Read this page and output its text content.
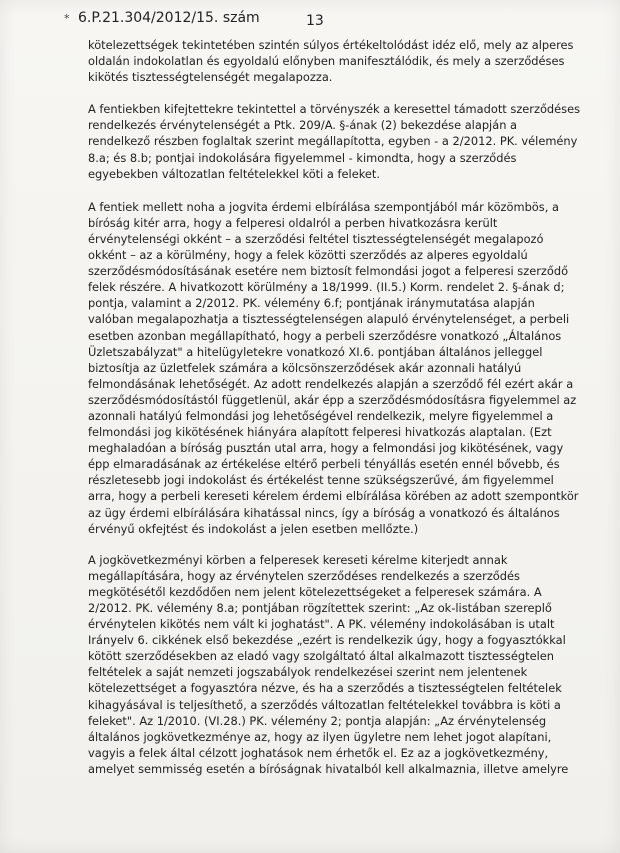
* 6.P.21.304/2012/15. szám	13

kötelezettségek tekintetében szintén súlyos értékeltolódást idéz elő, mely az alperes
oldalán indokolatlan és egyoldalú előnyben manifesztálódik, és mely a szerződéses
kikötés tisztességtelenségét megalapozza.

A fentiekben kifejtettekre tekintettel a törvényszék a keresettel támadott szerződéses
rendelkezés érvénytelenségét a Ptk. 209/A. §-ának (2) bekezdése alapján a
rendelkező részben foglaltak szerint megállapította, egyben - a 2/2012. PK. vélemény
8.a; és 8.b; pontjai indokolására figyelemmel - kimondta, hogy a szerződés
egyebekben változatlan feltételekkel köti a feleket.

A fentiek mellett noha a jogvita érdemi elbírálása szempontjából már közömbös, a
bíróság kitér arra, hogy a felperesi oldalról a perben hivatkozásra került
érvénytelenségi okként – a szerződési feltétel tisztességtelenségét megalapozó
okként – az a körülmény, hogy a felek közötti szerződés az alperes egyoldalú
szerződésmódosításának esetére nem biztosít felmondási jogot a felperesi szerződő
felek részére. A hivatkozott körülmény a 18/1999. (II.5.) Korm. rendelet 2. §-ának d;
pontja, valamint a 2/2012. PK. vélemény 6.f; pontjának iránymutatása alapján
valóban megalapozhatja a tisztességtelenségen alapuló érvénytelenséget, a perbeli
esetben azonban megállapítható, hogy a perbeli szerződésre vonatkozó „Általános
Üzletszabályzat" a hitelügyletekre vonatkozó XI.6. pontjában általános jelleggel
biztosítja az üzletfelek számára a kölcsönszerződések akár azonnali hatályú
felmondásának lehetőségét. Az adott rendelkezés alapján a szerződő fél ezért akár a
szerződésmódosítástól függetlenül, akár épp a szerződésmódosításra figyelemmel az
azonnali hatályú felmondási jog lehetőségével rendelkezik, melyre figyelemmel a
felmondási jog kikötésének hiányára alapított felperesi hivatkozás alaptalan. (Ezt
meghaladóan a bíróság pusztán utal arra, hogy a felmondási jog kikötésének, vagy
épp elmaradásának az értékelése eltérő perbeli tényállás esetén ennél bővebb, és
részletesebb jogi indokolást és értékelést tenne szükségszerűvé, ám figyelemmel
arra, hogy a perbeli kereseti kérelem érdemi elbírálása körében az adott szempontkör
az ügy érdemi elbírálására kihatással nincs, így a bíróság a vonatkozó és általános
érvényű okfejtést és indokolást a jelen esetben mellőzte.)

A jogkövetkezményi körben a felperesek kereseti kérelme kiterjedt annak
megállapítására, hogy az érvénytelen szerződéses rendelkezés a szerződés
megkötésétől kezdődően nem jelent kötelezettségeket a felperesek számára. A
2/2012. PK. vélemény 8.a; pontjában rögzítettek szerint: „Az ok-listában szereplő
érvénytelen kikötés nem vált ki joghatást". A PK. vélemény indokolásában is utalt
Irányelv 6. cikkének első bekezdése „ezért is rendelkezik úgy, hogy a fogyasztókkal
kötött szerződésekben az eladó vagy szolgáltató által alkalmazott tisztességtelen
feltételek a saját nemzeti jogszabályok rendelkezései szerint nem jelentenek
kötelezettséget a fogyasztóra nézve, és ha a szerződés a tisztességtelen feltételek
kihagyásával is teljesíthető, a szerződés változatlan feltételekkel továbbra is köti a
feleket". Az 1/2010. (VI.28.) PK. vélemény 2; pontja alapján: „Az érvénytelenség
általános jogkövetkezménye az, hogy az ilyen ügyletre nem lehet jogot alapítani,
vagyis a felek által célzott joghatások nem érhetők el. Ez az a jogkövetkezmény,
amelyet semmisség esetén a bíróságnak hivatalból kell alkalmaznia, illetve amelyre
